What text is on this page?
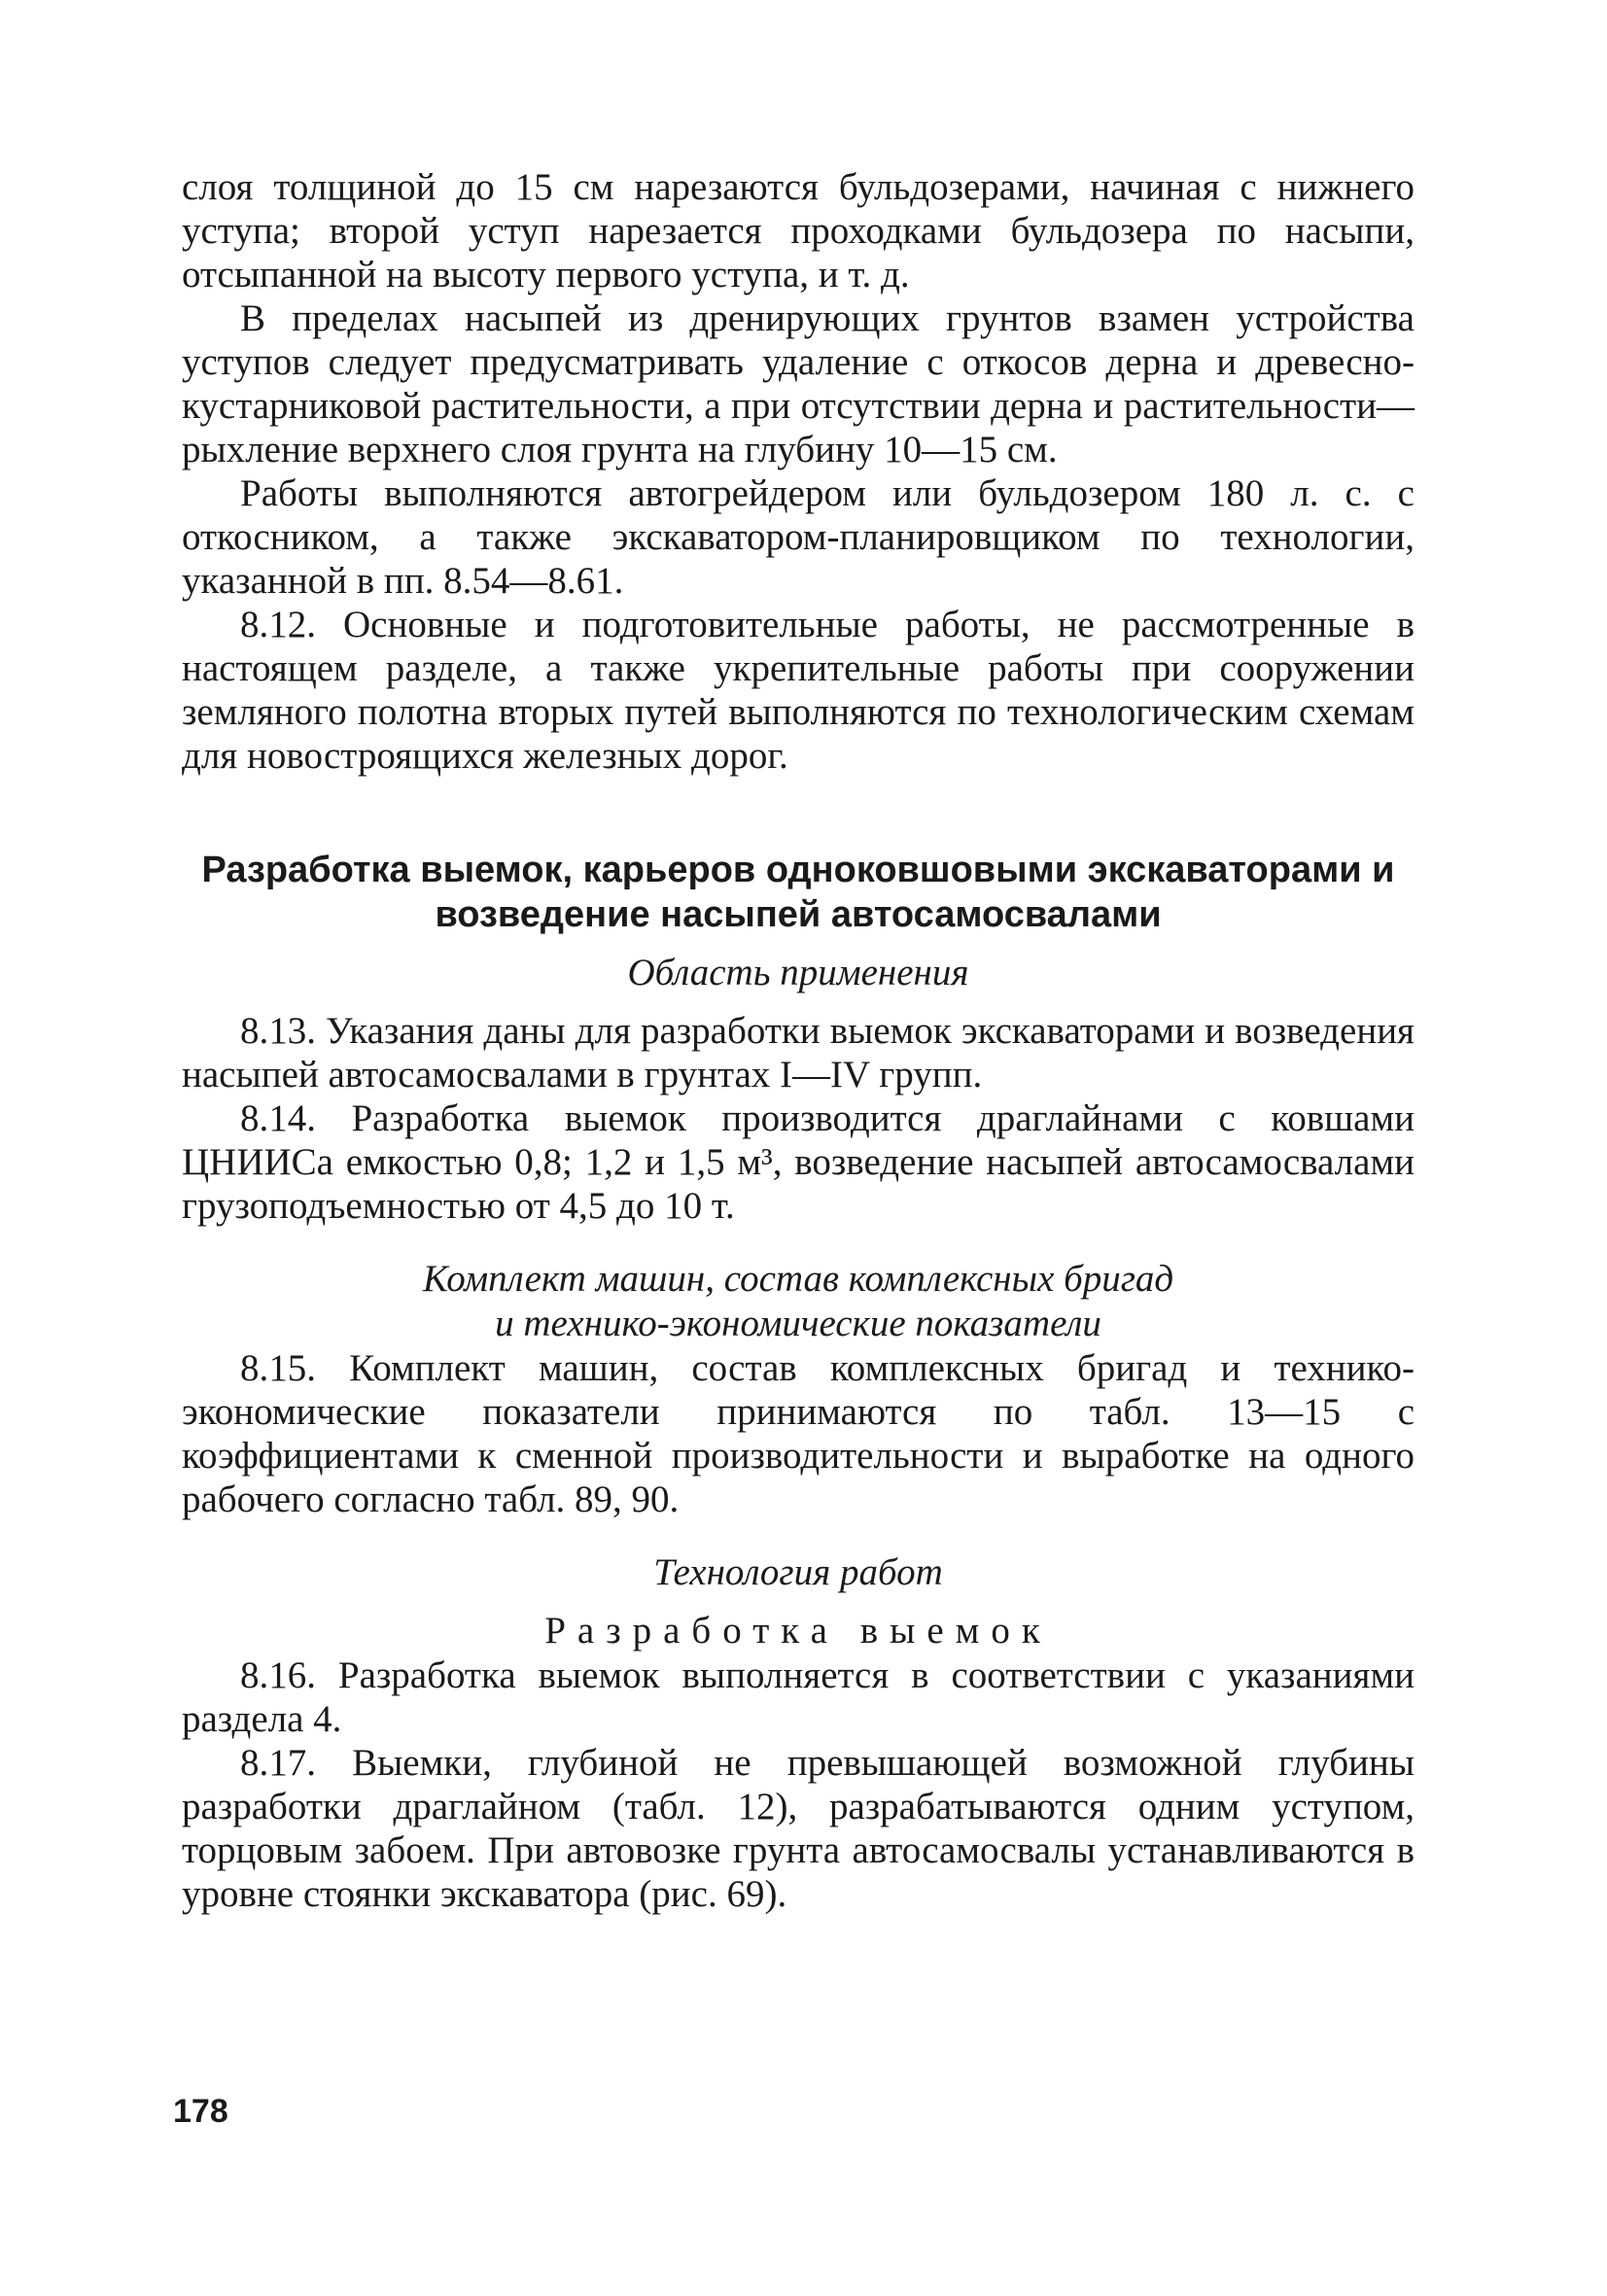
слоя толщиной до 15 см нарезаются бульдозерами, начиная с нижнего уступа; второй уступ нарезается проходками бульдозера по насыпи, отсыпанной на высоту первого уступа, и т. д.

В пределах насыпей из дренирующих грунтов взамен устройства уступов следует предусматривать удаление с откосов дерна и древесно-кустарниковой растительности, а при отсутствии дерна и растительности—рыхление верхнего слоя грунта на глубину 10—15 см.

Работы выполняются автогрейдером или бульдозером 180 л. с. с откосником, а также экскаватором-планировщиком по технологии, указанной в пп. 8.54—8.61.

8.12. Основные и подготовительные работы, не рассмотренные в настоящем разделе, а также укрепительные работы при сооружении земляного полотна вторых путей выполняются по технологическим схемам для новостроящихся железных дорог.

Разработка выемок, карьеров одноковшовыми экскаваторами и возведение насыпей автосамосвалами
Область применения

8.13. Указания даны для разработки выемок экскаваторами и возведения насыпей автосамосвалами в грунтах I—IV групп.

8.14. Разработка выемок производится драглайнами с ковшами ЦНИИСа емкостью 0,8; 1,2 и 1,5 м³, возведение насыпей автосамосвалами грузоподъемностью от 4,5 до 10 т.

Комплект машин, состав комплексных бригад
и технико-экономические показатели

8.15. Комплект машин, состав комплексных бригад и технико-экономические показатели принимаются по табл. 13—15 с коэффициентами к сменной производительности и выработке на одного рабочего согласно табл. 89, 90.

Технология работ
Разработка выемок

8.16. Разработка выемок выполняется в соответствии с указаниями раздела 4.

8.17. Выемки, глубиной не превышающей возможной глубины разработки драглайном (табл. 12), разрабатываются одним уступом, торцовым забоем. При автовозке грунта автосамосвалы устанавливаются в уровне стоянки экскаватора (рис. 69).

178
